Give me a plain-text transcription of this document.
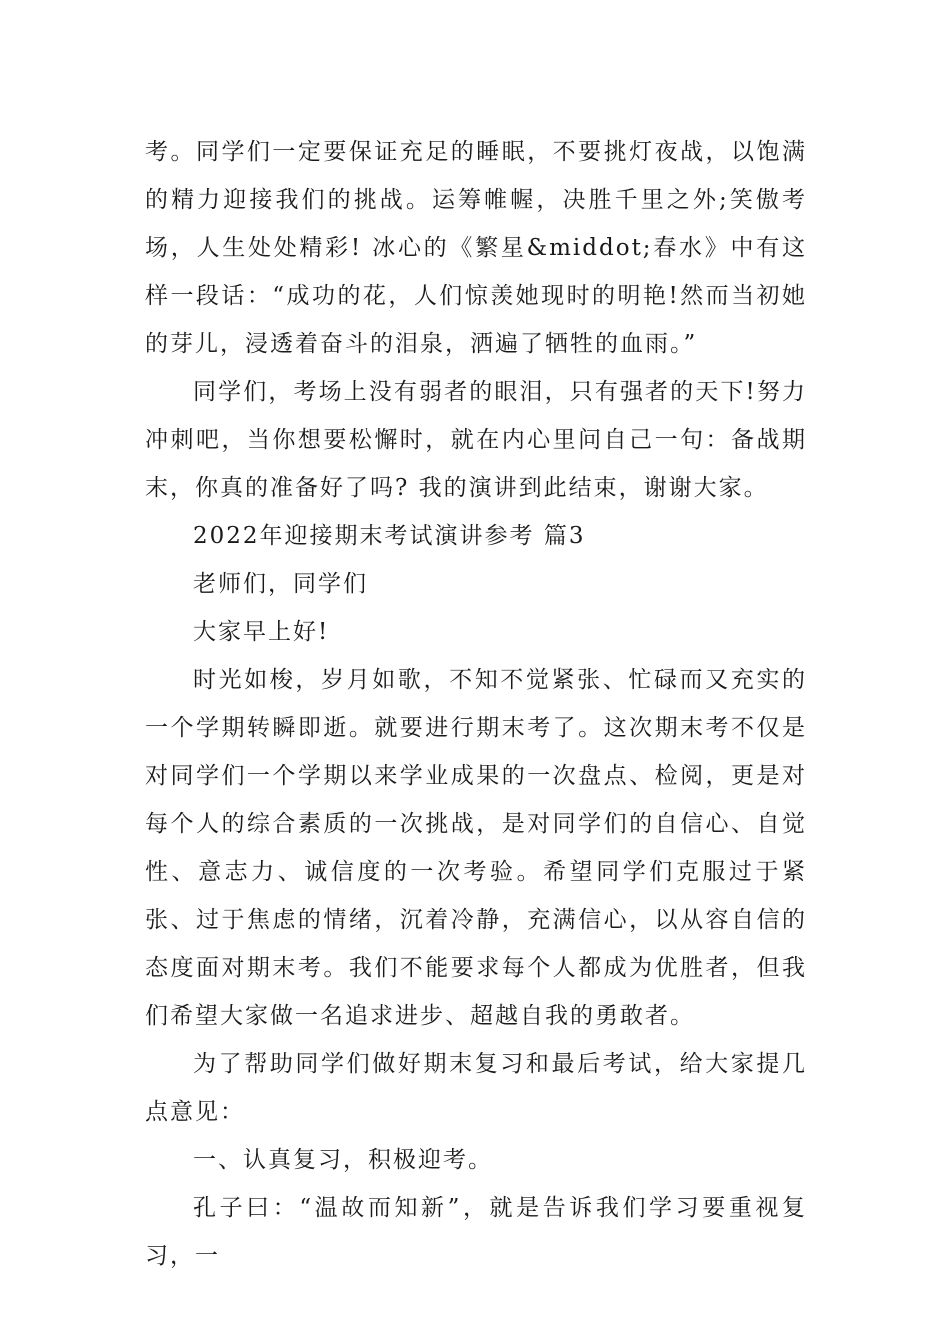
考。同学们一定要保证充足的睡眠，不要挑灯夜战，以饱满的精力迎接我们的挑战。运筹帷幄，决胜千里之外;笑傲考场，人生处处精彩! 冰心的《繁星&middot;春水》中有这样一段话：“成功的花，人们惊羡她现时的明艳!然而当初她的芽儿，浸透着奋斗的泪泉，洒遍了牺牲的血雨。”

同学们，考场上没有弱者的眼泪，只有强者的天下!努力冲刺吧，当你想要松懈时，就在内心里问自己一句：备战期末，你真的准备好了吗? 我的演讲到此结束，谢谢大家。

2022年迎接期末考试演讲参考 篇3

老师们，同学们

大家早上好!

时光如梭，岁月如歌，不知不觉紧张、忙碌而又充实的一个学期转瞬即逝。就要进行期末考了。这次期末考不仅是对同学们一个学期以来学业成果的一次盘点、检阅，更是对每个人的综合素质的一次挑战，是对同学们的自信心、自觉性、意志力、诚信度的一次考验。希望同学们克服过于紧张、过于焦虑的情绪，沉着冷静，充满信心，以从容自信的态度面对期末考。我们不能要求每个人都成为优胜者，但我们希望大家做一名追求进步、超越自我的勇敢者。

为了帮助同学们做好期末复习和最后考试，给大家提几点意见：

一、认真复习，积极迎考。

孔子曰：“温故而知新”，就是告诉我们学习要重视复习，一
